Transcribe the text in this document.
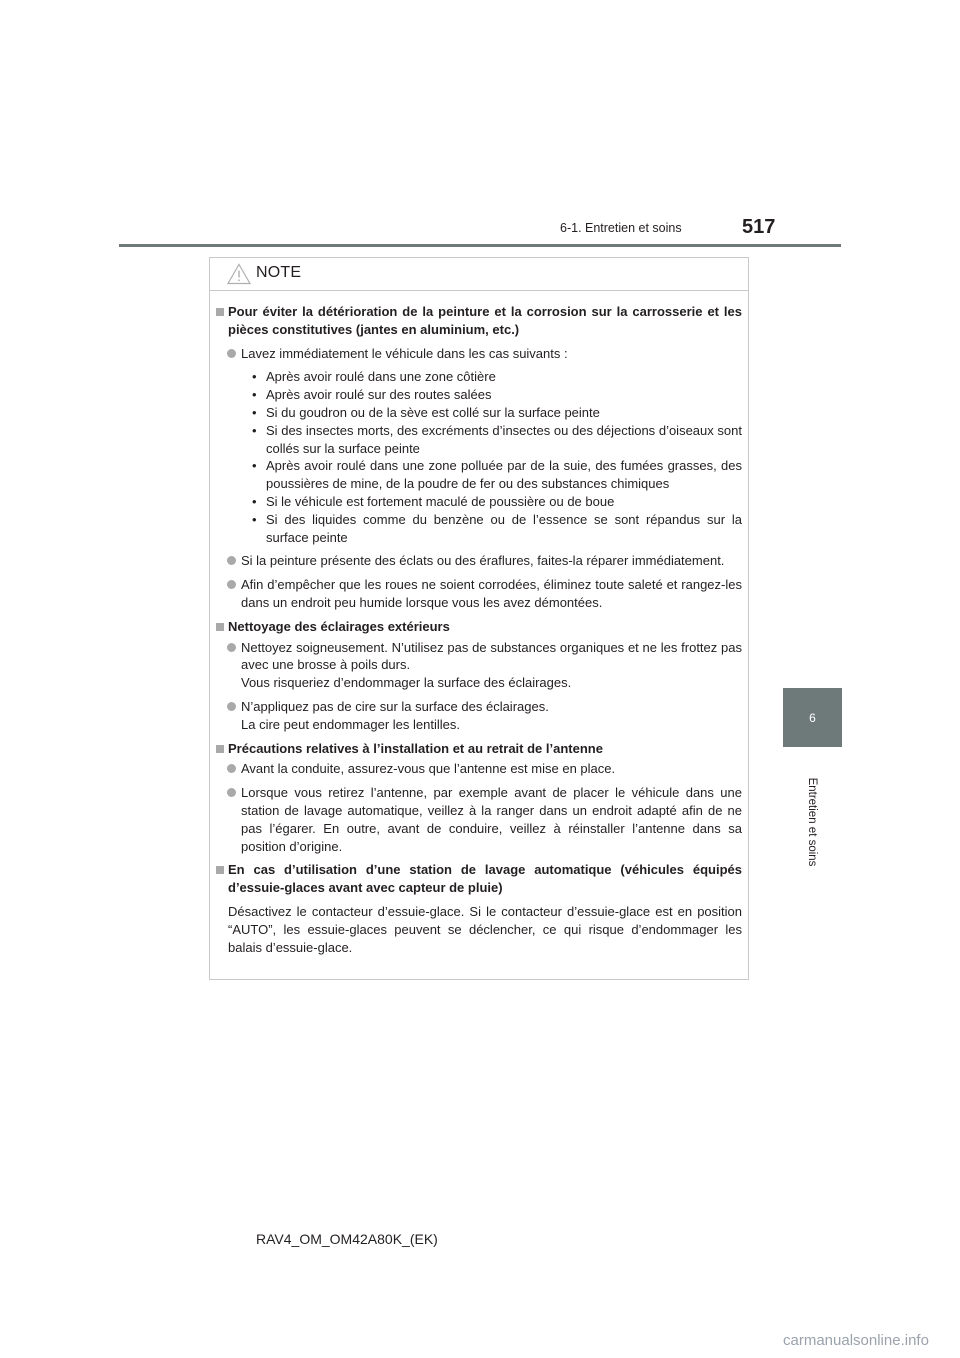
6-1. Entretien et soins	517
6
Entretien et soins
NOTE
Pour éviter la détérioration de la peinture et la corrosion sur la carrosserie et les pièces constitutives (jantes en aluminium, etc.)
Lavez immédiatement le véhicule dans les cas suivants :
• Après avoir roulé dans une zone côtière
• Après avoir roulé sur des routes salées
• Si du goudron ou de la sève est collé sur la surface peinte
• Si des insectes morts, des excréments d’insectes ou des déjections d’oiseaux sont collés sur la surface peinte
• Après avoir roulé dans une zone polluée par de la suie, des fumées grasses, des poussières de mine, de la poudre de fer ou des substances chimiques
• Si le véhicule est fortement maculé de poussière ou de boue
• Si des liquides comme du benzène ou de l’essence se sont répandus sur la surface peinte
Si la peinture présente des éclats ou des éraflures, faites-la réparer immédiatement.
Afin d’empêcher que les roues ne soient corrodées, éliminez toute saleté et rangez-les dans un endroit peu humide lorsque vous les avez démontées.
Nettoyage des éclairages extérieurs
Nettoyez soigneusement. N’utilisez pas de substances organiques et ne les frottez pas avec une brosse à poils durs.
Vous risqueriez d’endommager la surface des éclairages.
N’appliquez pas de cire sur la surface des éclairages.
La cire peut endommager les lentilles.
Précautions relatives à l’installation et au retrait de l’antenne
Avant la conduite, assurez-vous que l’antenne est mise en place.
Lorsque vous retirez l’antenne, par exemple avant de placer le véhicule dans une station de lavage automatique, veillez à la ranger dans un endroit adapté afin de ne pas l’égarer. En outre, avant de conduire, veillez à réinstaller l’antenne dans sa position d’origine.
En cas d’utilisation d’une station de lavage automatique (véhicules équipés d’essuie-glaces avant avec capteur de pluie)
Désactivez le contacteur d’essuie-glace. Si le contacteur d’essuie-glace est en position “AUTO”, les essuie-glaces peuvent se déclencher, ce qui risque d’endommager les balais d’essuie-glace.
RAV4_OM_OM42A80K_(EK)
carmanualsonline.info
